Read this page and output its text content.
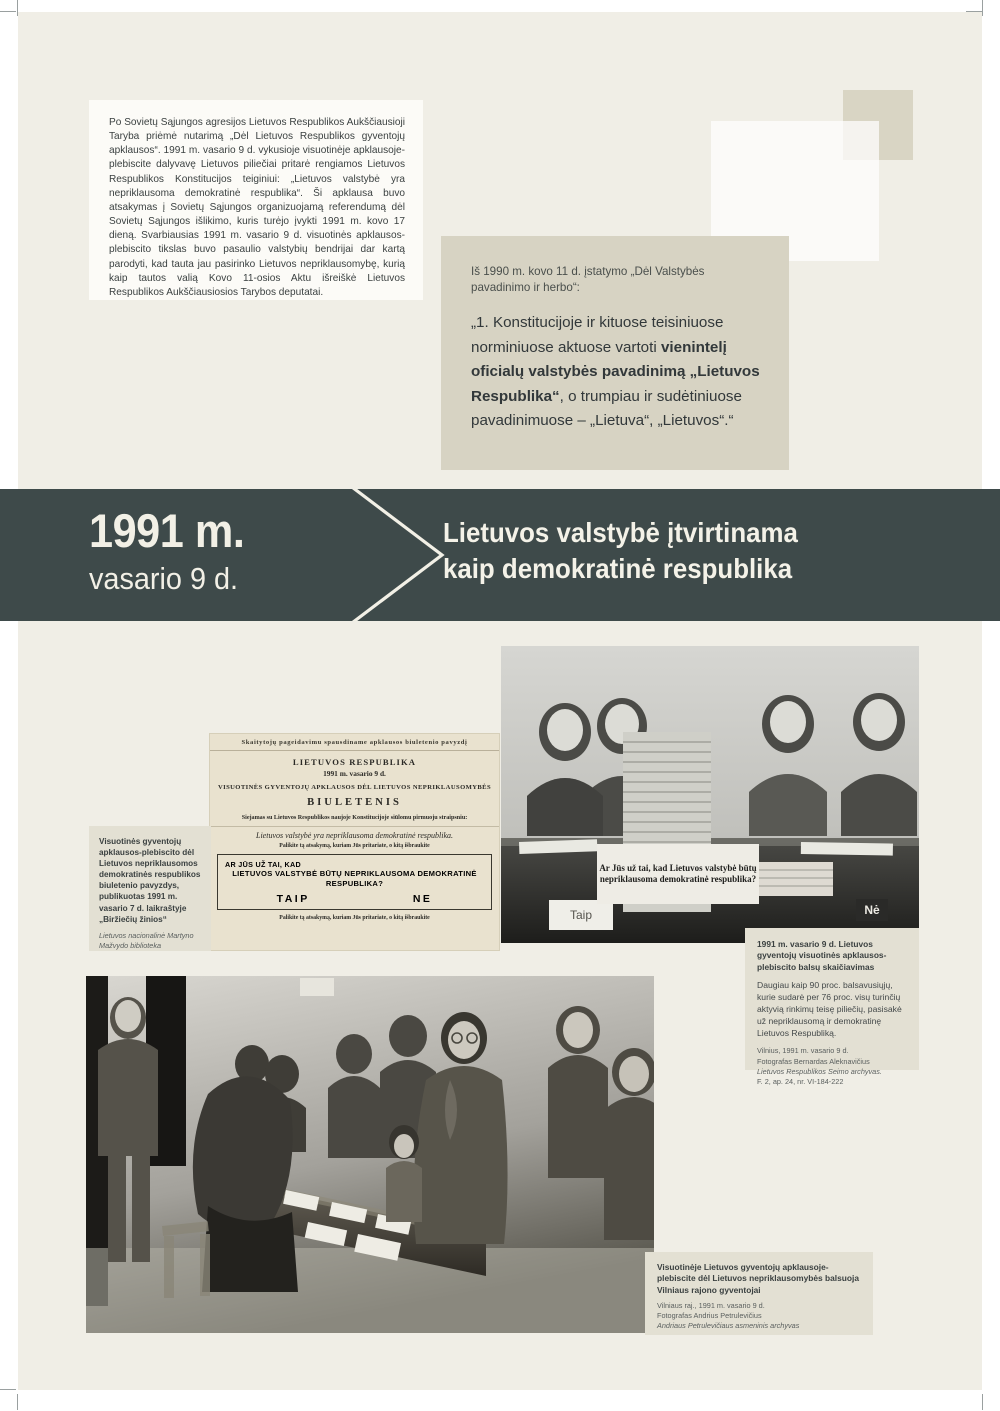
Po Sovietų Sąjungos agresijos Lietuvos Respublikos Aukščiausioji Taryba priėmė nutarimą „Dėl Lietuvos Respublikos gyventojų apklausos“. 1991 m. vasario 9 d. vykusioje visuotinėje apklausoje-plebiscite dalyvavę Lietuvos piliečiai pritarė rengiamos Lietuvos Respublikos Konstitucijos teiginiui: „Lietuvos valstybė yra nepriklausoma demokratinė respublika“. Ši apklausa buvo atsakymas į Sovietų Sąjungos organizuojamą referendumą dėl Sovietų Sąjungos išlikimo, kuris turėjo įvykti 1991 m. kovo 17 dieną. Svarbiausias 1991 m. vasario 9 d. visuotinės apklausos-plebiscito tikslas buvo pasaulio valstybių bendrijai dar kartą parodyti, kad tauta jau pasirinko Lietuvos nepriklausomybę, kurią kaip tautos valią Kovo 11-osios Aktu išreiškė Lietuvos Respublikos Aukščiausiosios Tarybos deputatai.

Iš 1990 m. kovo 11 d. įstatymo „Dėl Valstybės pavadinimo ir herbo“:
„1. Konstitucijoje ir kituose teisiniuose norminiuose aktuose vartoti vienintelį oficialų valstybės pavadinimą „Lietuvos Respublika“, o trumpiau ir sudėtiniuose pavadinimuose – „Lietuva“, „Lietuvos“.“
1991 m.
vasario 9 d.
Lietuvos valstybė įtvirtinama
kaip demokratinė respublika
Skaitytojų pageidavimu spausdiname apklausos biuletenio pavyzdį
LIETUVOS RESPUBLIKA
1991 m. vasario 9 d.
VISUOTINĖS GYVENTOJŲ APKLAUSOS DĖL LIETUVOS NEPRIKLAUSOMYBĖS
BIULETENIS
Siejamas su Lietuvos Respublikos naujoje Konstitucijoje siūlomu pirmuoju straipsniu:
Lietuvos valstybė yra nepriklausoma demokratinė respublika.
Palikite tą atsakymą, kuriam Jūs pritariate, o kitą išbraukite
AR JŪS UŽ TAI, KAD
LIETUVOS VALSTYBĖ BŪTŲ NEPRIKLAUSOMA DEMOKRATINĖ RESPUBLIKA?
TAIP	NE
Palikite tą atsakymą, kuriam Jūs pritariate, o kitą išbraukite	Taip	Nė
Ar Jūs už tai, kad Lietuvos valstybė būtų nepriklausoma demokratinė respublika?
Visuotinės gyventojų apklausos-plebiscito dėl Lietuvos nepriklausomos demokratinės respublikos biuletenio pavyzdys, publikuotas 1991 m. vasario 7 d. laikraštyje „Biržiečių žinios“
Lietuvos nacionalinė Martyno Mažvydo biblioteka	1991 m. vasario 9 d. Lietuvos gyventojų visuotinės apklausos-plebiscito balsų skaičiavimas
Daugiau kaip 90 proc. balsavusiųjų, kurie sudarė per 76 proc. visų turinčių aktyvią rinkimų teisę piliečių, pasisakė už nepriklausomą ir demokratinę Lietuvos Respubliką.
Vilnius, 1991 m. vasario 9 d.
Fotografas Bernardas Aleknavičius
Lietuvos Respublikos Seimo archyvas.
F. 2, ap. 24, nr. VI-184-222
Visuotinėje Lietuvos gyventojų apklausoje-plebiscite dėl Lietuvos nepriklausomybės balsuoja Vilniaus rajono gyventojai
Vilniaus raj., 1991 m. vasario 9 d.
Fotografas Andrius Petrulevičius
Andriaus Petrulevičiaus asmeninis archyvas
